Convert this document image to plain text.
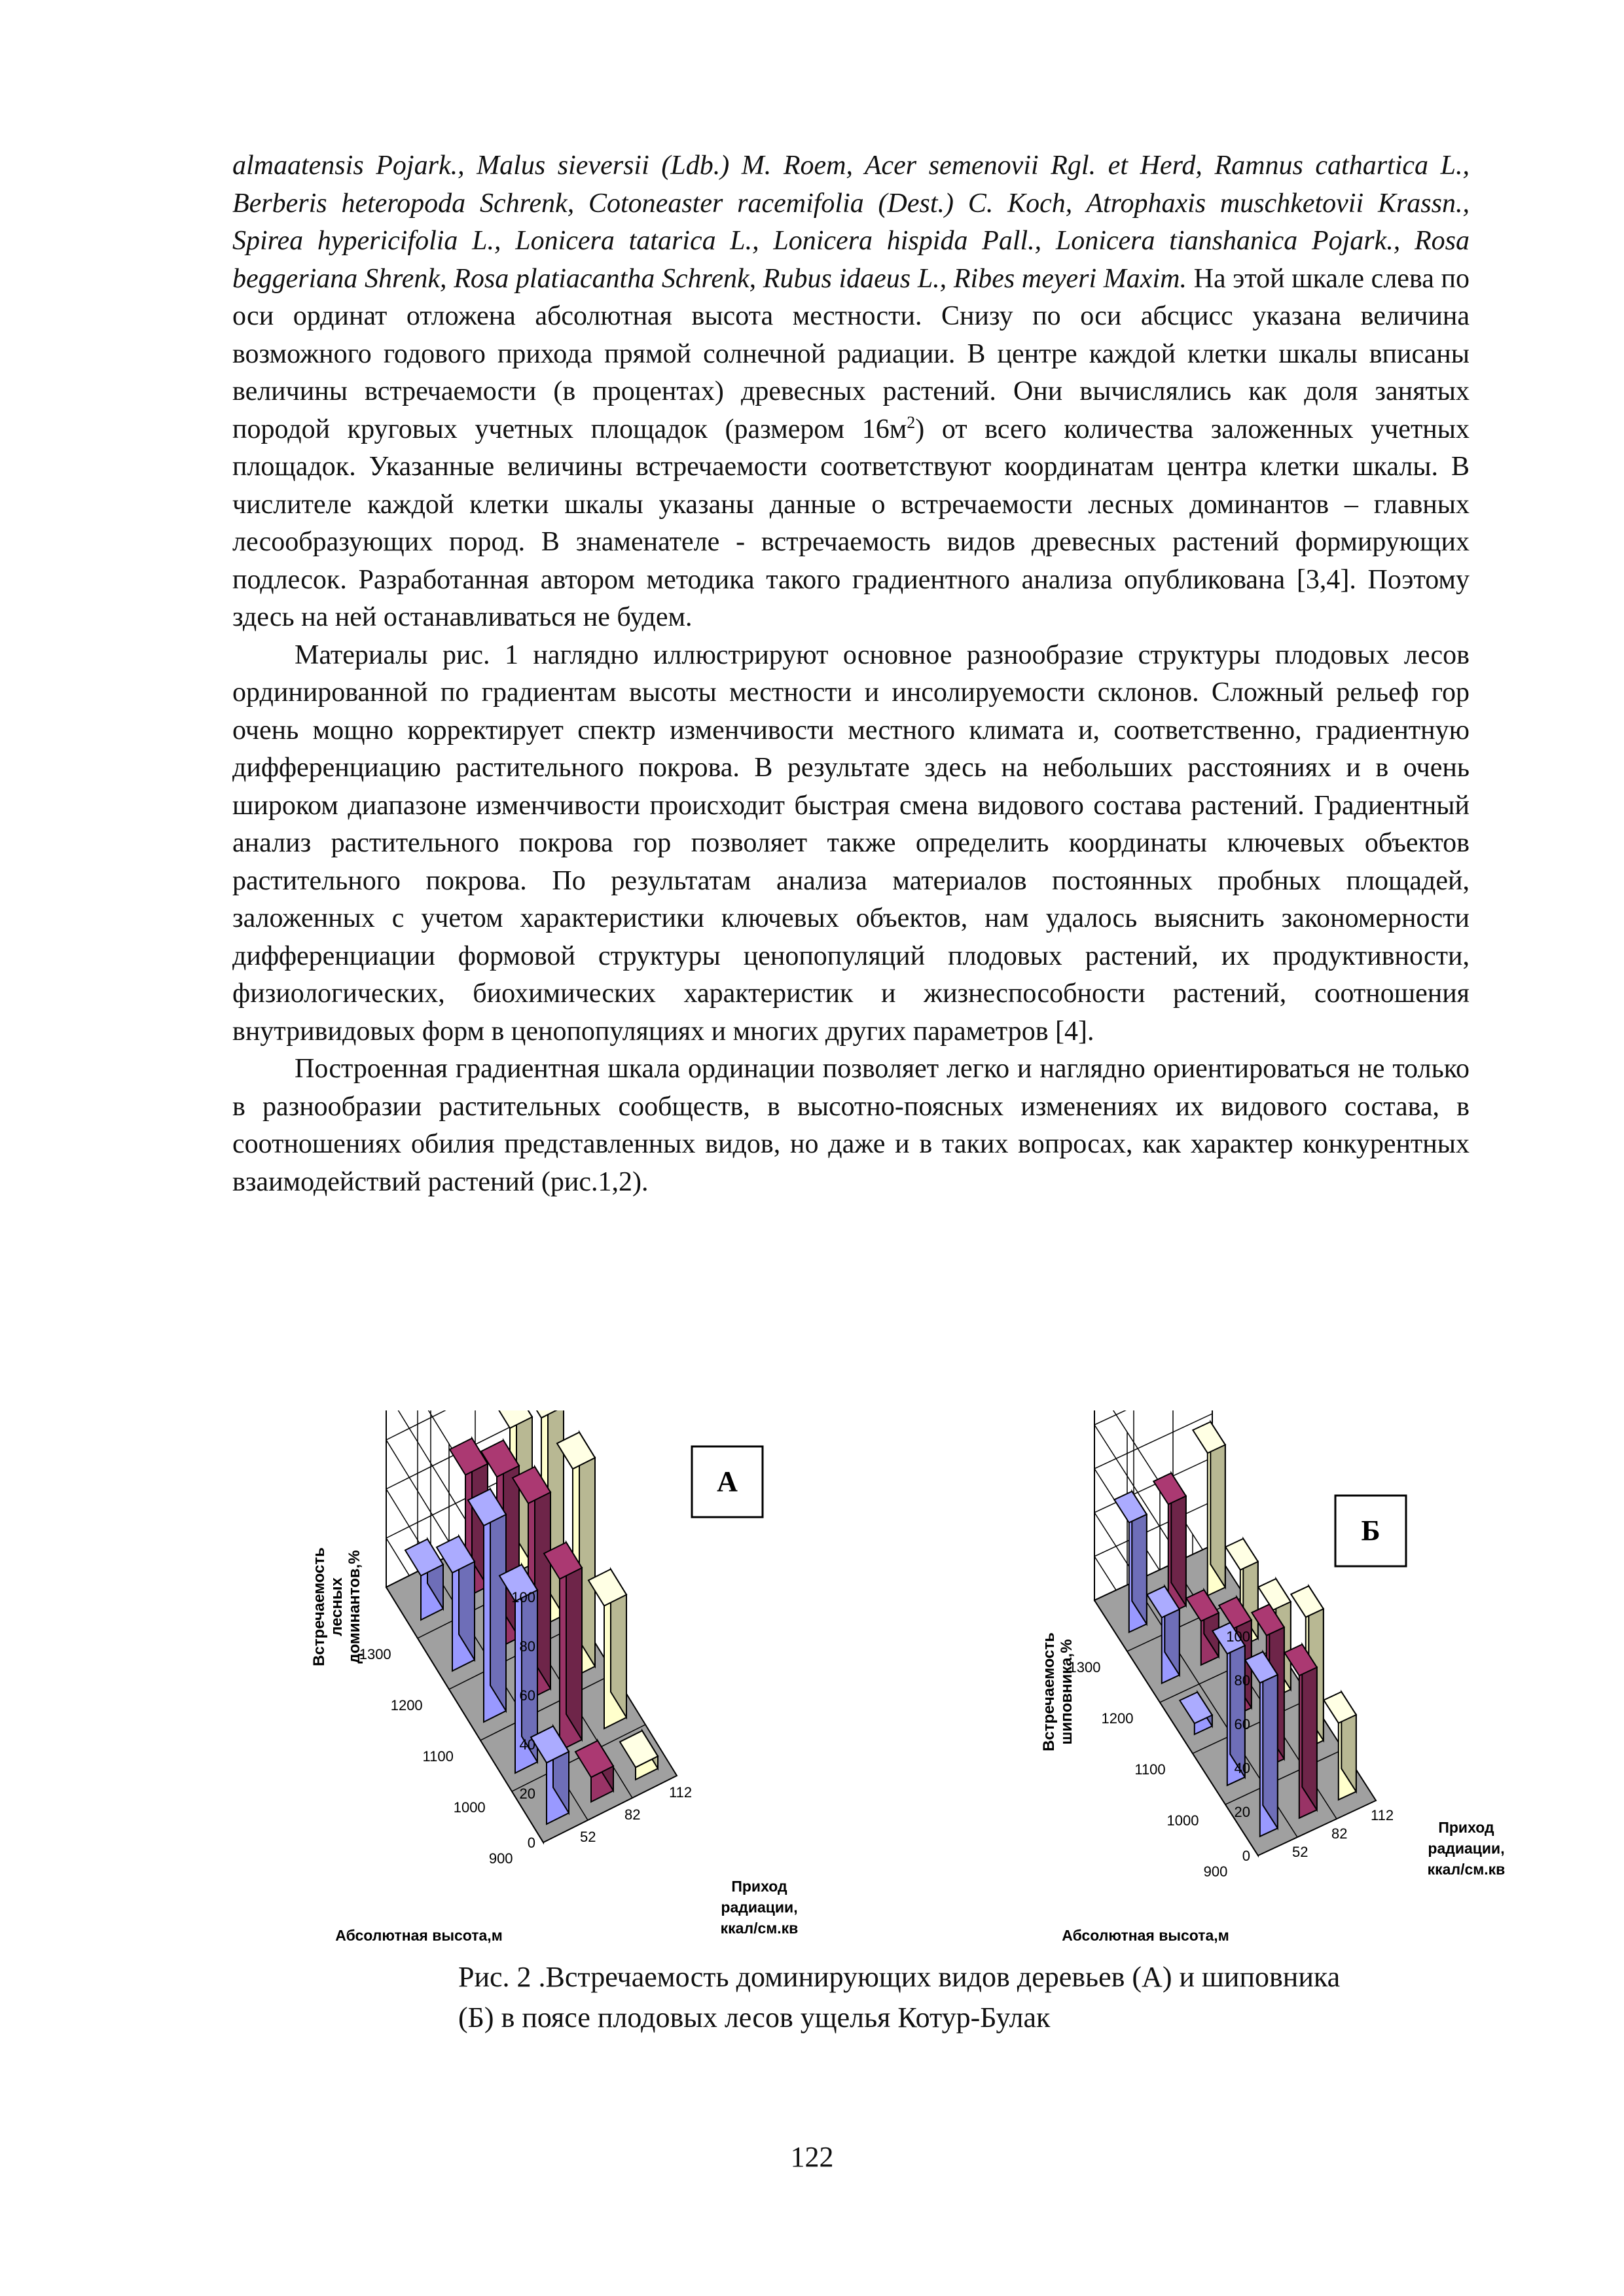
almaatensis Pojark., Malus sieversii (Ldb.) M. Roem, Acer semenovii Rgl. et Herd, Ramnus cathartica L., Berberis heteropoda Schrenk, Cotoneaster racemifolia (Dest.) C. Koch, Atrophaxis muschketovii Krassn., Spirea hypericifolia L., Lonicera tatarica L., Lonicera hispida Pall., Lonicera tianshanica Pojark., Rosa beggeriana Shrenk, Rosa platiacantha Schrenk, Rubus idaeus L., Ribes meyeri Maxim. На этой шкале слева по оси ординат отложена абсолютная высота местности. Снизу по оси абсцисс указана величина возможного годового прихода прямой солнечной радиации. В центре каждой клетки шкалы вписаны величины встречаемости (в процентах) древесных растений. Они вычислялись как доля занятых породой круговых учетных площадок (размером $16м^2$) от всего количества заложенных учетных площадок. Указанные величины встречаемости соответствуют координатам центра клетки шкалы. В числителе каждой клетки шкалы указаны данные о встречаемости лесных доминантов – главных лесообразующих пород. В знаменателе - встречаемость видов древесных растений формирующих подлесок. Разработанная автором методика такого градиентного анализа опубликована [3,4]. Поэтому здесь на ней останавливаться не будем.

Материалы рис. 1 наглядно иллюстрируют основное разнообразие структуры плодовых лесов ординированной по градиентам высоты местности и инсолируемости склонов. Сложный рельеф гор очень мощно корректирует спектр изменчивости местного климата и, соответственно, градиентную дифференциацию растительного покрова. В результате здесь на небольших расстояниях и в очень широком диапазоне изменчивости происходит быстрая смена видового состава растений. Градиентный анализ растительного покрова гор позволяет также определить координаты ключевых объектов растительного покрова. По результатам анализа материалов постоянных пробных площадей, заложенных с учетом характеристики ключевых объектов, нам удалось выяснить закономерности дифференциации формовой структуры ценопопуляций плодовых растений, их продуктивности, физиологических, биохимических характеристик и жизнеспособности растений, соотношения внутривидовых форм в ценопопуляциях и многих других параметров [4].

Построенная градиентная шкала ординации позволяет легко и наглядно ориентироваться не только в разнообразии растительных сообществ, в высотно-поясных изменениях их видового состава, в соотношениях обилия представленных видов, но даже и в таких вопросах, как характер конкурентных взаимодействий растений (рис.1,2).

0
20
40
60
80
100
1300
1200
1100
1000
900
52
82
112
Встречаемостьлесныхдоминантов,%
Абсолютная высота,м
Приход радиации, ккал/см.кв
А
0
20
40
60
80
100
1300
1200
1100
1000
900
52
82
112
Встречаемостьшиповника,%
Абсолютная высота,м
Приход радиации, ккал/см.кв
Б
Рис. 2 .Встречаемость доминирующих видов деревьев (А) и шиповника (Б) в поясе плодовых лесов ущелья Котур-Булак
122
